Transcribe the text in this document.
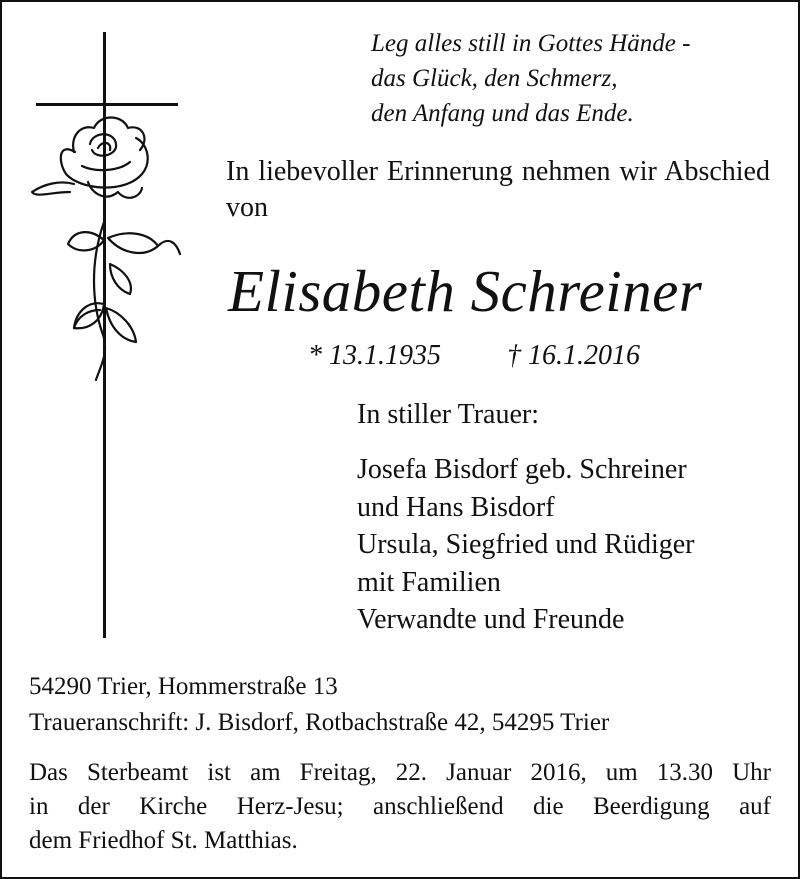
Leg alles still in Gottes Hände -
das Glück, den Schmerz,
den Anfang und das Ende.
In liebevoller Erinnerung nehmen wir Abschied von
Elisabeth Schreiner
* 13.1.1935 † 16.1.2016
In stiller Trauer:
Josefa Bisdorf geb. Schreiner
und Hans Bisdorf
Ursula, Siegfried und Rüdiger
mit Familien
Verwandte und Freunde
54290 Trier, Hommerstraße 13
Traueranschrift: J. Bisdorf, Rotbachstraße 42, 54295 Trier
Das Sterbeamt ist am Freitag, 22. Januar 2016, um 13.30 Uhr
in der Kirche Herz-Jesu; anschließend die Beerdigung auf
dem Friedhof St. Matthias.
